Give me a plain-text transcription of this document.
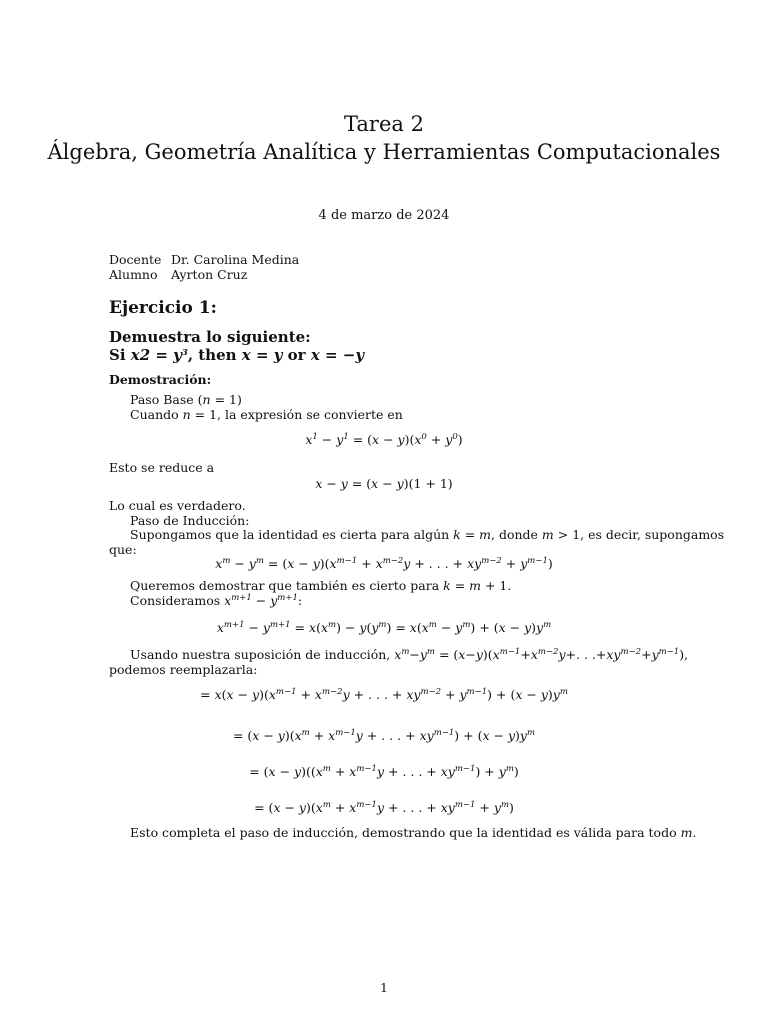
Tarea 2
Álgebra, Geometría Analítica y Herramientas Computacionales
4 de marzo de 2024
Docente Dr. Carolina Medina
Alumno Ayrton Cruz
Ejercicio 1:
Demuestra lo siguiente:
Si $x2 = y^3$, then x = y or x = −y
Demostración:
Paso Base (n = 1)
Cuando n = 1, la expresión se convierte en
$x^1 - y^1 = (x - y)(x^0 + y^0)$
Esto se reduce a
x − y = (x − y)(1 + 1)
Lo cual es verdadero.
Paso de Inducción:
Supongamos que la identidad es cierta para algún k = m, donde m > 1, es decir, supongamos
que:
$x^m - y^m = (x - y)(x^{m-1} + x^{m-2}y$ + . . . + $xy^{m-2} + y^{m-1}$)
Queremos demostrar que también es cierto para k = m + 1.
Consideramos $x^{m+1} - y^{m+1}$:
$x^{m+1} - y^{m+1} = x(x^m) - y(y^m) = x(x^m - y^m) + (x - y)y^m$
Usando nuestra suposición de inducción, $x^m-y^m = (x-y)(x^{m-1}+x^{m-2}y+$. . $.+xy^{m-2}+y^{m-1}$),
podemos reemplazarla:
= $x(x - y)(x^{m-1} + x^{m-2}y$ + . . . + $xy^{m-2} + y^{m-1}) + (x - y)y^m$
= $(x - y)(x^m + x^{m-1}y$ + . . . + $xy^{m-1}) + (x - y)y^m$
= $(x - y)((x^m + x^{m-1}y$ + . . . + $xy^{m-1}) + y^m$)
= $(x - y)(x^m + x^{m-1}y$ + . . . + $xy^{m-1} + y^m$)
Esto completa el paso de inducción, demostrando que la identidad es válida para todo m.
1
